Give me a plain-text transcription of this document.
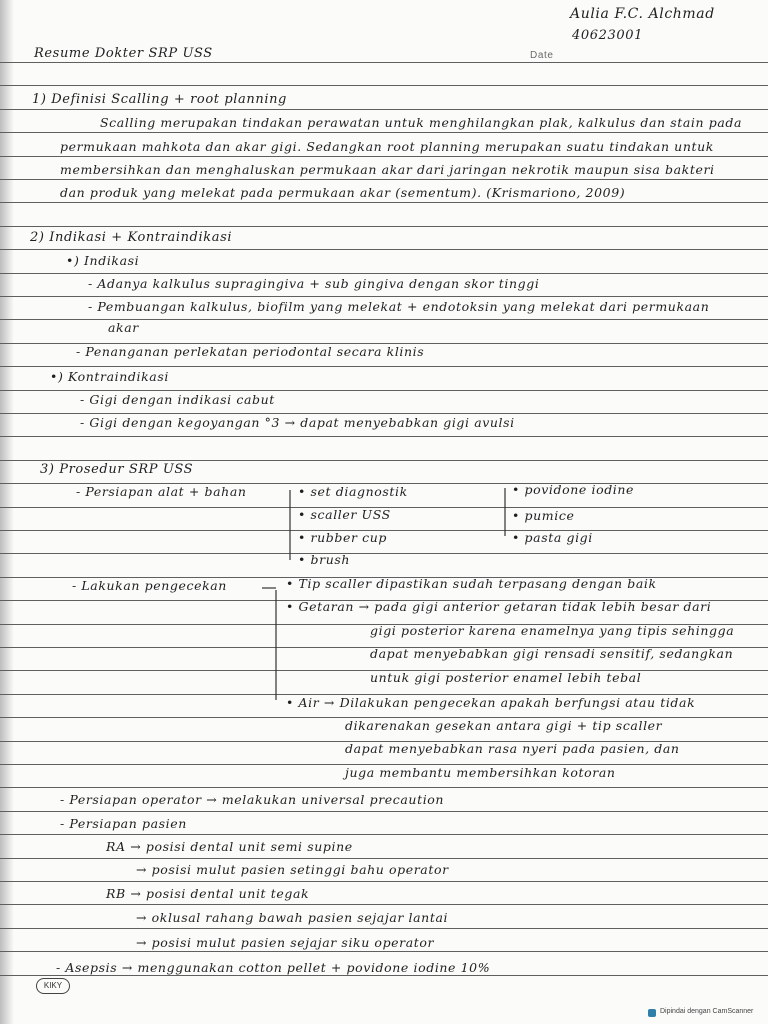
Aulia F.C. Alchmad
40623001
Resume Dokter SRP USS	Date
1) Definisi Scalling + root planning
Scalling merupakan tindakan perawatan untuk menghilangkan plak, kalkulus dan stain pada
permukaan mahkota dan akar gigi. Sedangkan root planning merupakan suatu tindakan untuk
membersihkan dan menghaluskan permukaan akar dari jaringan nekrotik maupun sisa bakteri
dan produk yang melekat pada permukaan akar (sementum). (Krismariono, 2009)
2) Indikasi + Kontraindikasi
•) Indikasi
- Adanya kalkulus supragingiva + sub gingiva dengan skor tinggi
- Pembuangan kalkulus, biofilm yang melekat + endotoksin yang melekat dari permukaan
akar
- Penanganan perlekatan periodontal secara klinis
•) Kontraindikasi
- Gigi dengan indikasi cabut
- Gigi dengan kegoyangan °3 → dapat menyebabkan gigi avulsi
3) Prosedur SRP USS
- Persiapan alat + bahan	• set diagnostik
• scaller USS
• rubber cup
• brush
• povidone iodine
• pumice
• pasta gigi
- Lakukan pengecekan	• Tip scaller dipastikan sudah terpasang dengan baik
• Getaran → pada gigi anterior getaran tidak lebih besar dari
gigi posterior karena enamelnya yang tipis sehingga
dapat menyebabkan gigi rensadi sensitif, sedangkan
untuk gigi posterior enamel lebih tebal
• Air → Dilakukan pengecekan apakah berfungsi atau tidak
dikarenakan gesekan antara gigi + tip scaller
dapat menyebabkan rasa nyeri pada pasien, dan
juga membantu membersihkan kotoran
- Persiapan operator → melakukan universal precaution
- Persiapan pasien
RA → posisi dental unit semi supine
→ posisi mulut pasien setinggi bahu operator
RB → posisi dental unit tegak
→ oklusal rahang bawah pasien sejajar lantai
→ posisi mulut pasien sejajar siku operator
- Asepsis → menggunakan cotton pellet + povidone iodine 10%
KIKY
Dipindai dengan CamScanner
